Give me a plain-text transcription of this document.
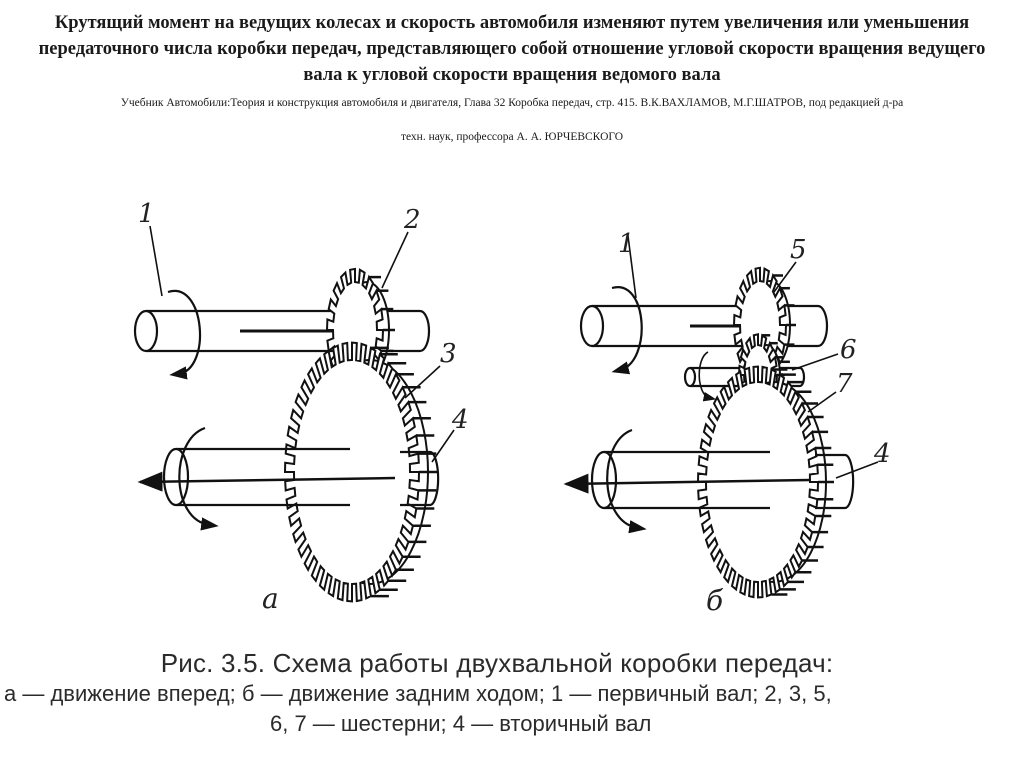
Крутящий момент на ведущих колесах и скорость автомобиля изменяют путем увеличения или уменьшения передаточного числа коробки передач, представляющего собой отношение угловой скорости вращения ведущего вала к угловой скорости вращения ведомого вала
Учебник Автомобили:Теория и конструкция автомобиля и двигателя, Глава 32 Коробка передач, стр. 415. В.К.ВАХЛАМОВ, М.Г.ШАТРОВ, под редакцией д-ра
техн. наук, профессора А. А. ЮРЧЕВСКОГО
1	2
3
4
а
1	5
6
7
4
б
Рис. 3.5. Схема работы двухвальной коробки передач:
а — движение вперед; б — движение задним ходом; 1 — первичный вал; 2, 3, 5,
6, 7 — шестерни; 4 — вторичный вал
